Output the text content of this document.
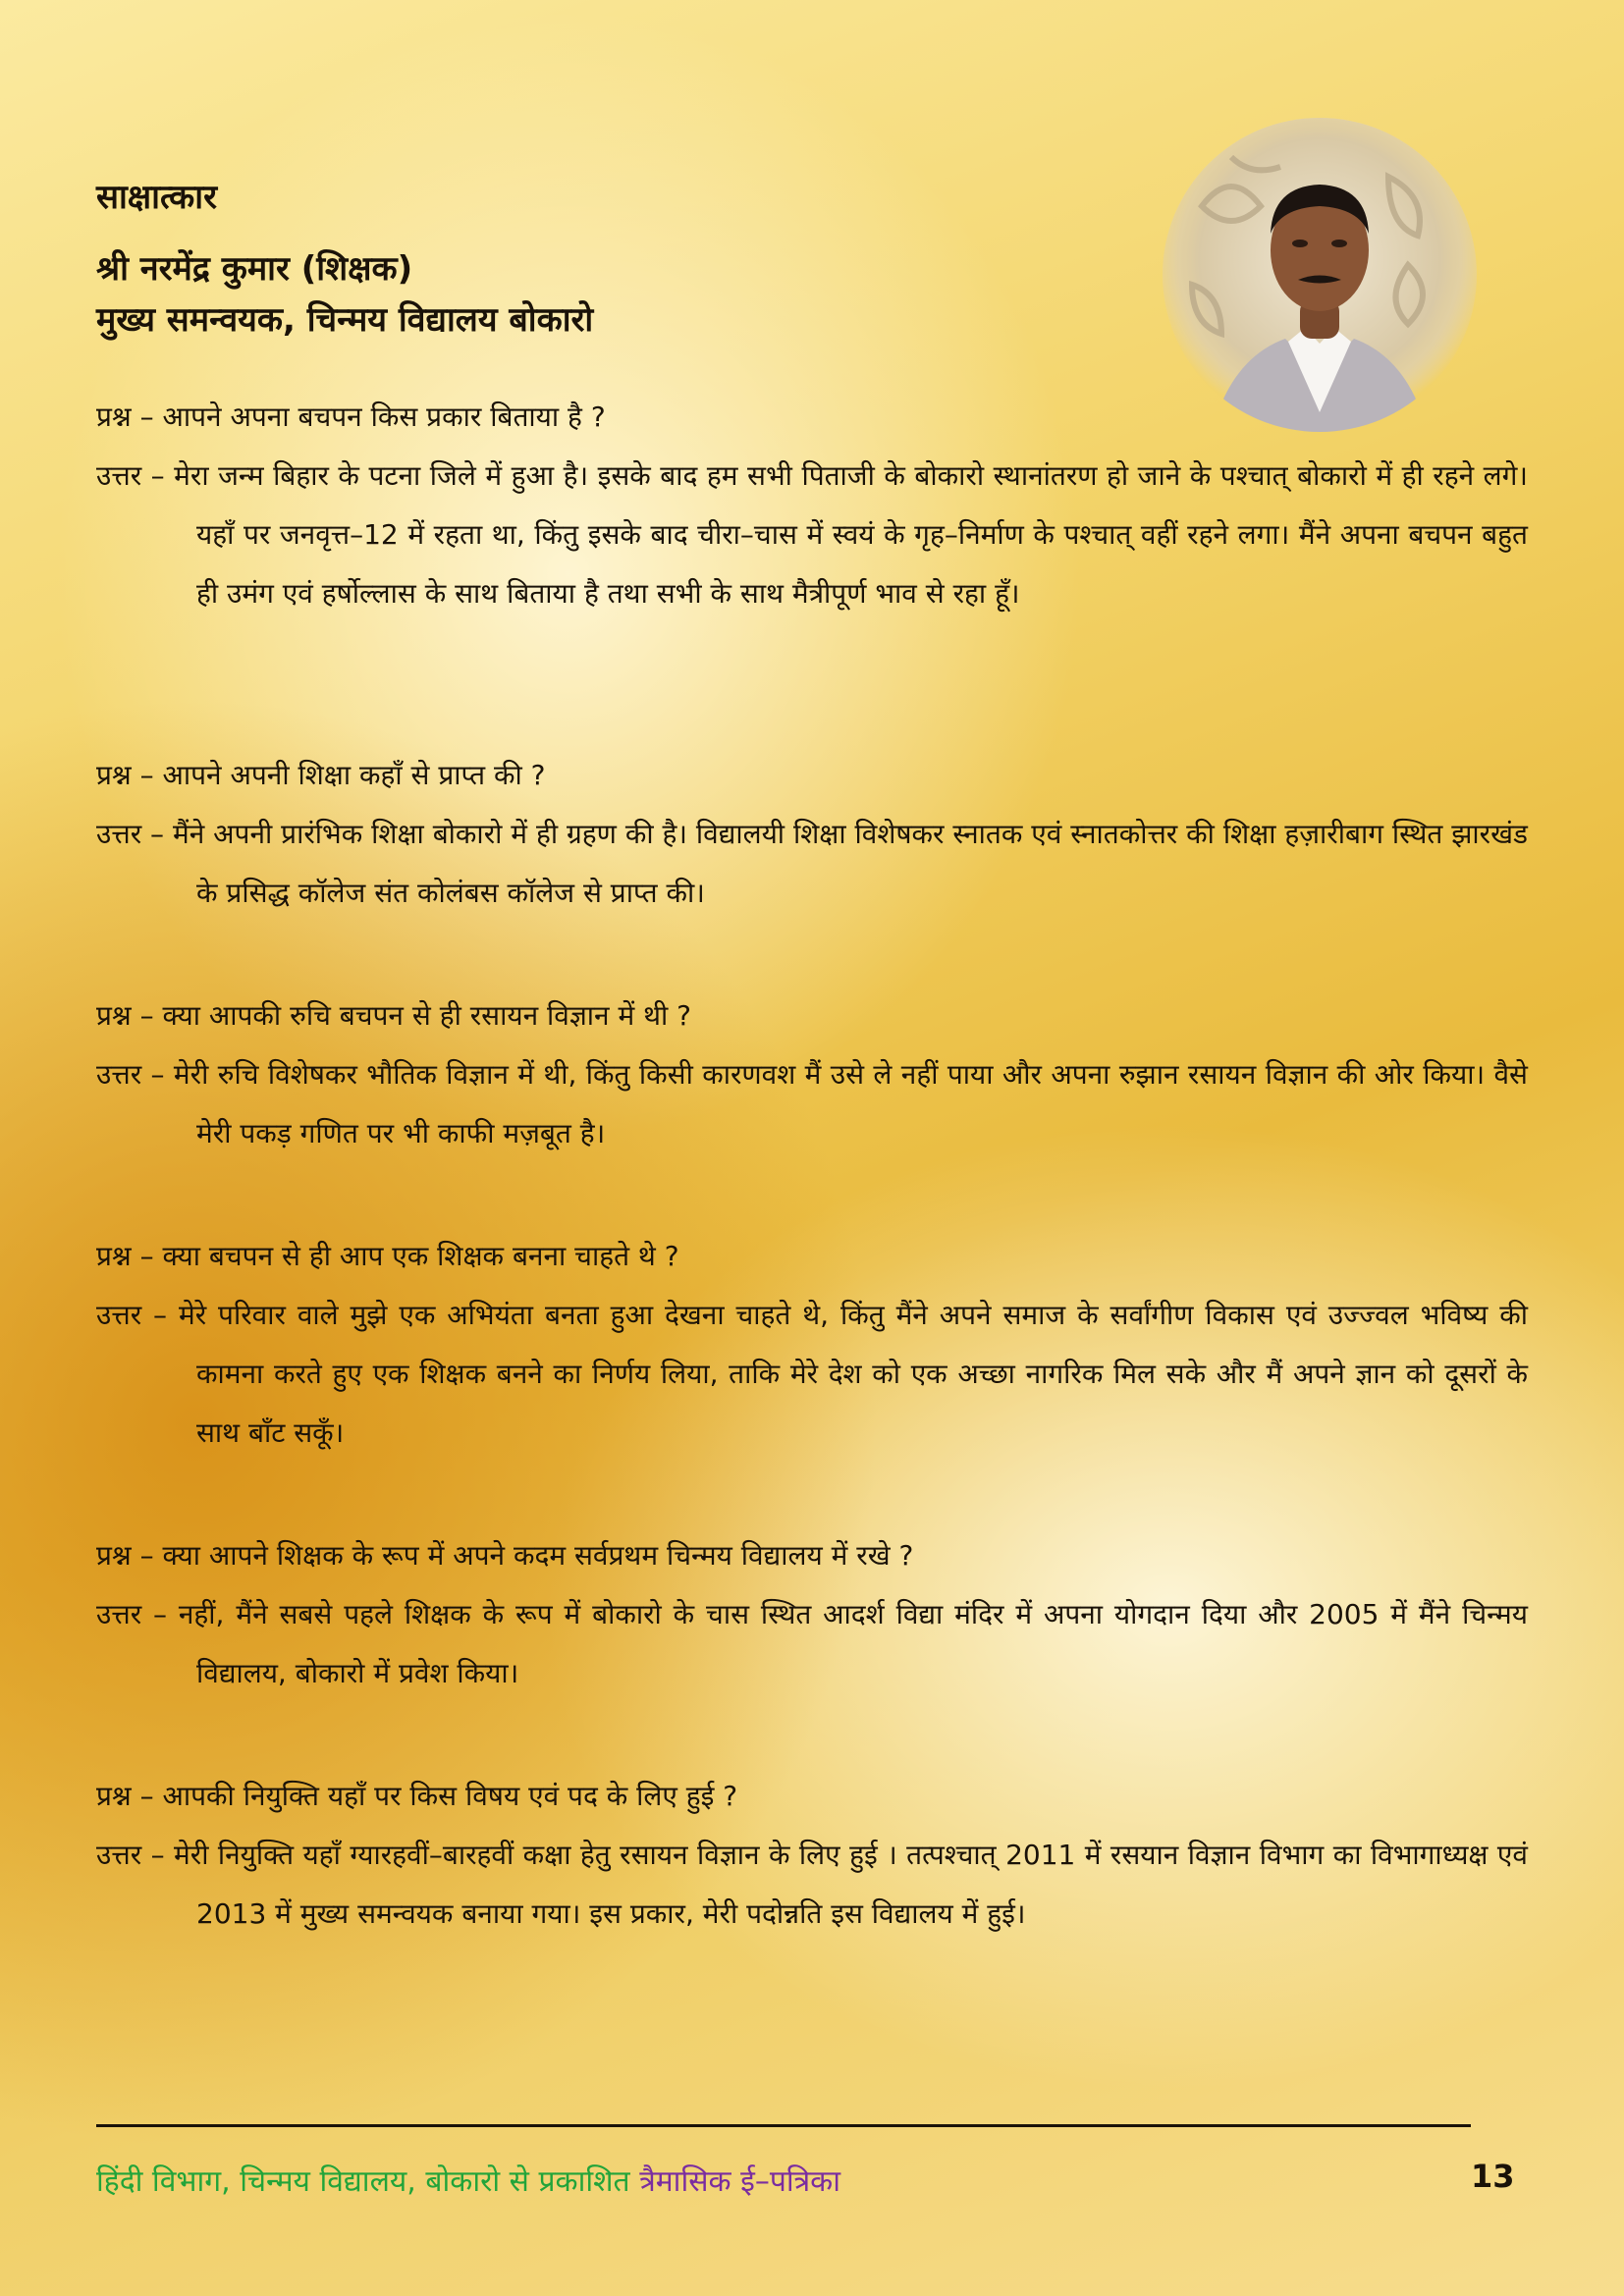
साक्षात्कार
श्री नरमेंद्र कुमार (शिक्षक)
मुख्य समन्वयक, चिन्मय विद्यालय बोकारो
प्रश्न – आपने अपना बचपन किस प्रकार बिताया है ?
उत्तर – मेरा जन्म बिहार के पटना जिले में हुआ है। इसके बाद हम सभी पिताजी के बोकारो स्थानांतरण हो जाने के पश्चात् बोकारो में ही रहने लगे। यहाँ पर जनवृत्त–12 में रहता था, किंतु इसके बाद चीरा–चास में स्वयं के गृह–निर्माण के पश्चात् वहीं रहने लगा। मैंने अपना बचपन बहुत ही उमंग एवं हर्षोल्लास के साथ बिताया है तथा सभी के साथ मैत्रीपूर्ण भाव से रहा हूँ।
प्रश्न – आपने अपनी शिक्षा कहाँ से प्राप्त की ?
उत्तर – मैंने अपनी प्रारंभिक शिक्षा बोकारो में ही ग्रहण की है। विद्यालयी शिक्षा विशेषकर स्नातक एवं स्नातकोत्तर की शिक्षा हज़ारीबाग स्थित झारखंड के प्रसिद्ध कॉलेज संत कोलंबस कॉलेज से प्राप्त की।
प्रश्न – क्या आपकी रुचि बचपन से ही रसायन विज्ञान में थी ?
उत्तर – मेरी रुचि विशेषकर भौतिक विज्ञान में थी, किंतु किसी कारणवश मैं उसे ले नहीं पाया और अपना रुझान रसायन विज्ञान की ओर किया। वैसे मेरी पकड़ गणित पर भी काफी मज़बूत है।
प्रश्न – क्या बचपन से ही आप एक शिक्षक बनना चाहते थे ?
उत्तर – मेरे परिवार वाले मुझे एक अभियंता बनता हुआ देखना चाहते थे, किंतु मैंने अपने समाज के सर्वांगीण विकास एवं उज्ज्वल भविष्य की कामना करते हुए एक शिक्षक बनने का निर्णय लिया, ताकि मेरे देश को एक अच्छा नागरिक मिल सके और मैं अपने ज्ञान को दूसरों के साथ बाँट सकूँ।
प्रश्न – क्या आपने शिक्षक के रूप में अपने कदम सर्वप्रथम चिन्मय विद्यालय में रखे ?
उत्तर – नहीं, मैंने सबसे पहले शिक्षक के रूप में बोकारो के चास स्थित आदर्श विद्या मंदिर में अपना योगदान दिया और 2005 में मैंने चिन्मय विद्यालय, बोकारो में प्रवेश किया।
प्रश्न – आपकी नियुक्ति यहाँ पर किस विषय एवं पद के लिए हुई ?
उत्तर – मेरी नियुक्ति यहाँ ग्यारहवीं–बारहवीं कक्षा हेतु रसायन विज्ञान के लिए हुई । तत्पश्चात् 2011 में रसयान विज्ञान विभाग का विभागाध्यक्ष एवं 2013 में मुख्य समन्वयक बनाया गया। इस प्रकार, मेरी पदोन्नति इस विद्यालय में हुई।
हिंदी विभाग, चिन्मय विद्यालय, बोकारो से प्रकाशित त्रैमासिक ई–पत्रिका	13
